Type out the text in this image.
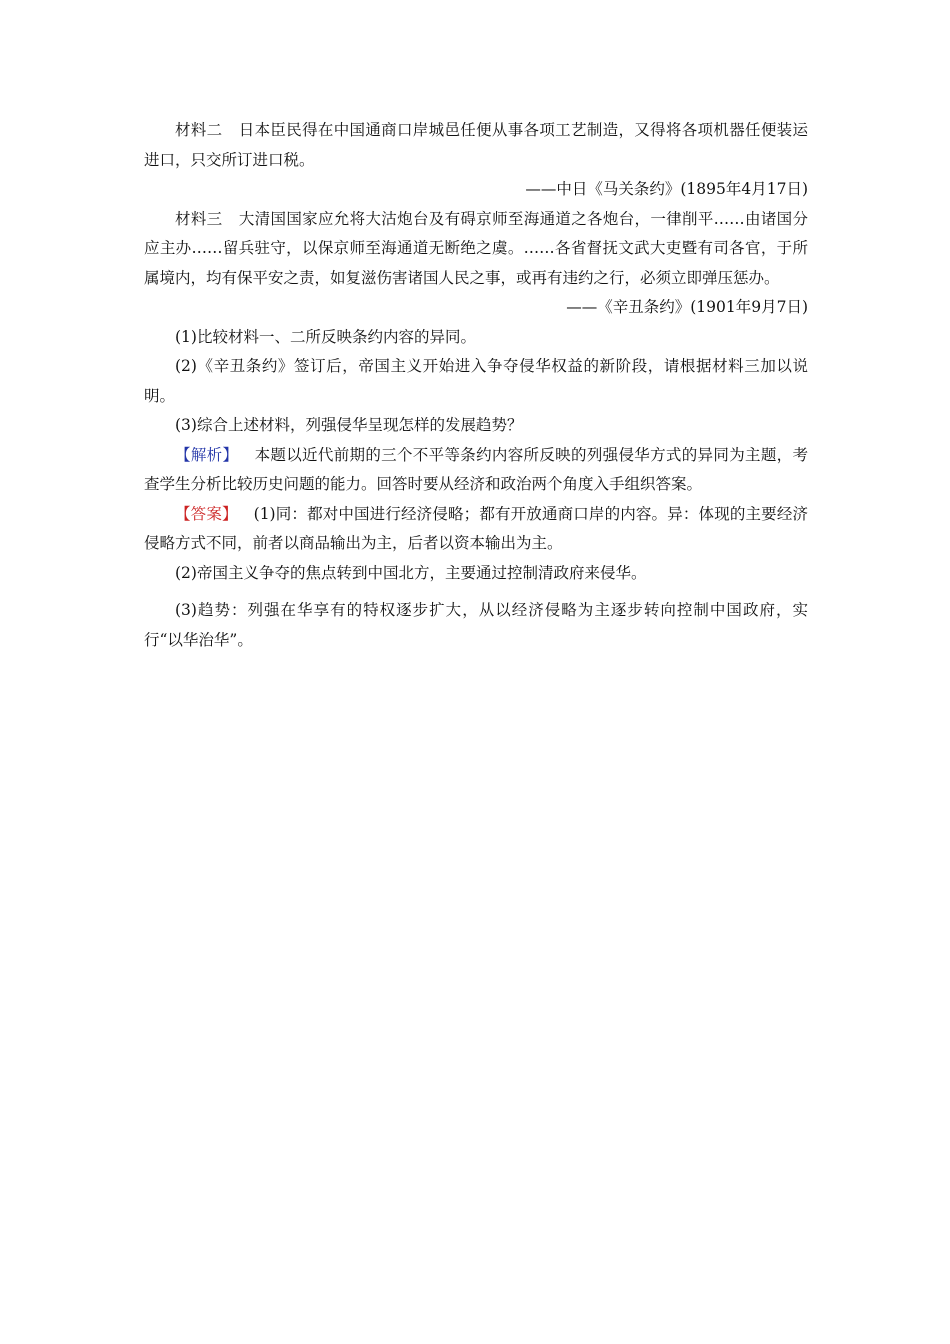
材料二 日本臣民得在中国通商口岸城邑任便从事各项工艺制造，又得将各项机器任便装运进口，只交所订进口税。

——中日《马关条约》(1895年4月17日)

材料三 大清国国家应允将大沽炮台及有碍京师至海通道之各炮台，一律削平……由诸国分应主办……留兵驻守，以保京师至海通道无断绝之虞。……各省督抚文武大吏暨有司各官，于所属境内，均有保平安之责，如复滋伤害诸国人民之事，或再有违约之行，必须立即弹压惩办。

——《辛丑条约》(1901年9月7日)

(1)比较材料一、二所反映条约内容的异同。

(2)《辛丑条约》签订后，帝国主义开始进入争夺侵华权益的新阶段，请根据材料三加以说明。

(3)综合上述材料，列强侵华呈现怎样的发展趋势？

【解析】 本题以近代前期的三个不平等条约内容所反映的列强侵华方式的异同为主题，考查学生分析比较历史问题的能力。回答时要从经济和政治两个角度入手组织答案。

【答案】 (1)同：都对中国进行经济侵略；都有开放通商口岸的内容。异：体现的主要经济侵略方式不同，前者以商品输出为主，后者以资本输出为主。

(2)帝国主义争夺的焦点转到中国北方，主要通过控制清政府来侵华。

(3)趋势：列强在华享有的特权逐步扩大，从以经济侵略为主逐步转向控制中国政府，实行“以华治华”。
